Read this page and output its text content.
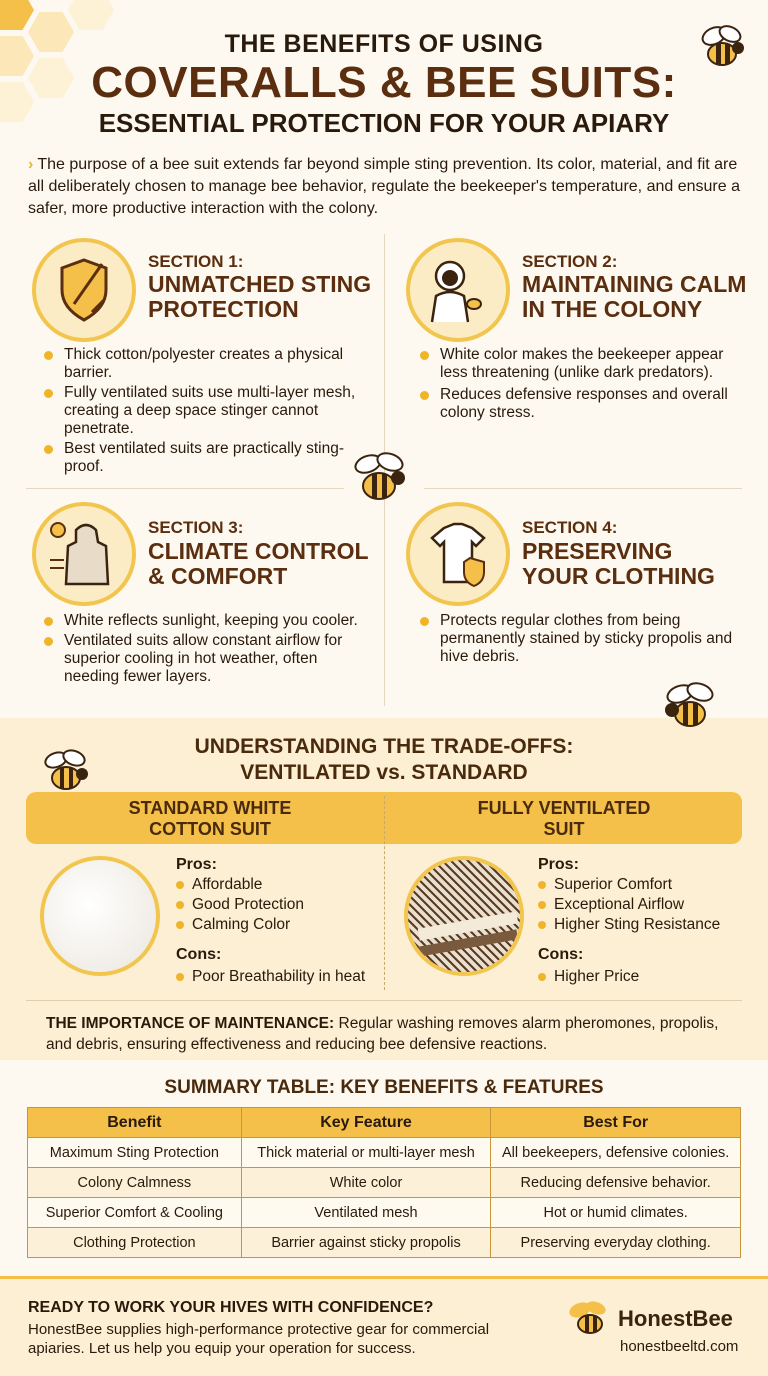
THE BENEFITS OF USING
COVERALLS & BEE SUITS:
ESSENTIAL PROTECTION FOR YOUR APIARY
› The purpose of a bee suit extends far beyond simple sting prevention. Its color, material, and fit are all deliberately chosen to manage bee behavior, regulate the beekeeper's temperature, and ensure a safer, more productive interaction with the colony.
SECTION 1:
UNMATCHED STING
PROTECTION
Thick cotton/polyester creates a physical barrier.
Fully ventilated suits use multi-layer mesh, creating a deep space stinger cannot penetrate.
Best ventilated suits are practically sting-proof.
SECTION 2:
MAINTAINING CALM
IN THE COLONY
White color makes the beekeeper appear less threatening (unlike dark predators).
Reduces defensive responses and overall colony stress.
SECTION 3:
CLIMATE CONTROL
& COMFORT
White reflects sunlight, keeping you cooler.
Ventilated suits allow constant airflow for superior cooling in hot weather, often needing fewer layers.
SECTION 4:
PRESERVING
YOUR CLOTHING
Protects regular clothes from being permanently stained by sticky propolis and hive debris.
UNDERSTANDING THE TRADE-OFFS:
VENTILATED vs. STANDARD
STANDARD WHITE
COTTON SUIT
FULLY VENTILATED
SUIT
Pros:
Affordable
Good Protection
Calming Color
Cons:
Poor Breathability in heat
Pros:
Superior Comfort
Exceptional Airflow
Higher Sting Resistance
Cons:
Higher Price
THE IMPORTANCE OF MAINTENANCE: Regular washing removes alarm pheromones, propolis, and debris, ensuring effectiveness and reducing bee defensive reactions.
SUMMARY TABLE: KEY BENEFITS & FEATURES
Benefit	Key Feature	Best For
Maximum Sting Protection	Thick material or multi-layer mesh	All beekeepers, defensive colonies.
Colony Calmness	White color	Reducing defensive behavior.
Superior Comfort & Cooling	Ventilated mesh	Hot or humid climates.
Clothing Protection	Barrier against sticky propolis	Preserving everyday clothing.
READY TO WORK YOUR HIVES WITH CONFIDENCE?
HonestBee supplies high-performance protective gear for commercial apiaries. Let us help you equip your operation for success.
HonestBee
honestbeeltd.com
